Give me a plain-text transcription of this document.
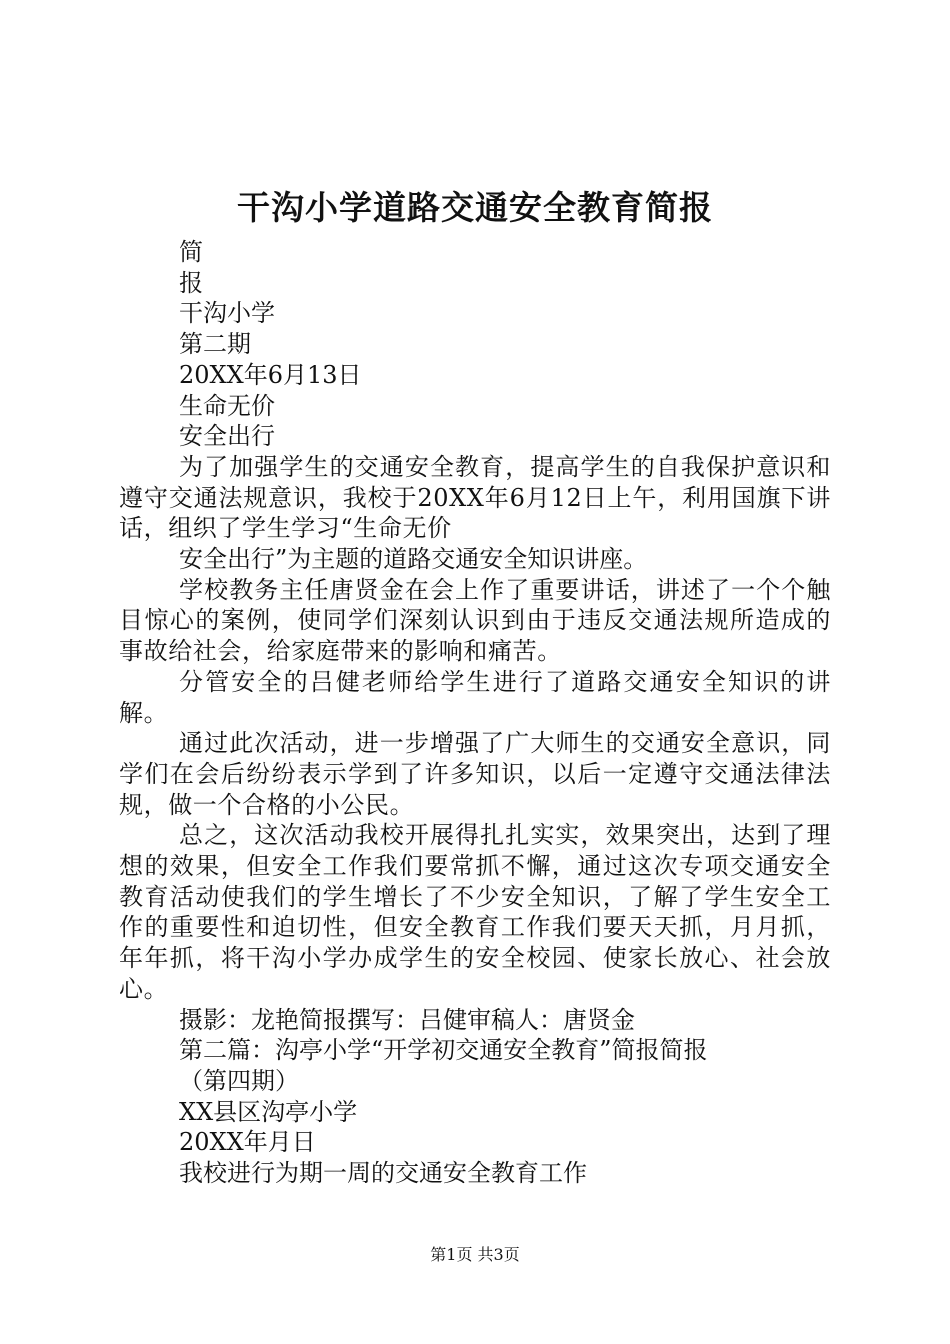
干沟小学道路交通安全教育简报
简
报
干沟小学
第二期
20XX年6月13日
生命无价
安全出行
为了加强学生的交通安全教育，提高学生的自我保护意识和遵守交通法规意识，我校于20XX年6月12日上午，利用国旗下讲话，组织了学生学习“生命无价
安全出行”为主题的道路交通安全知识讲座。
学校教务主任唐贤金在会上作了重要讲话，讲述了一个个触目惊心的案例，使同学们深刻认识到由于违反交通法规所造成的事故给社会，给家庭带来的影响和痛苦。
分管安全的吕健老师给学生进行了道路交通安全知识的讲解。
通过此次活动，进一步增强了广大师生的交通安全意识，同学们在会后纷纷表示学到了许多知识，以后一定遵守交通法律法规，做一个合格的小公民。
总之，这次活动我校开展得扎扎实实，效果突出，达到了理想的效果，但安全工作我们要常抓不懈，通过这次专项交通安全教育活动使我们的学生增长了不少安全知识，了解了学生安全工作的重要性和迫切性，但安全教育工作我们要天天抓，月月抓，年年抓，将干沟小学办成学生的安全校园、使家长放心、社会放心。
摄影：龙艳简报撰写：吕健审稿人：唐贤金
第二篇：沟亭小学“开学初交通安全教育”简报简报
（第四期）
XX县区沟亭小学
20XX年月日
我校进行为期一周的交通安全教育工作
第1页 共3页
